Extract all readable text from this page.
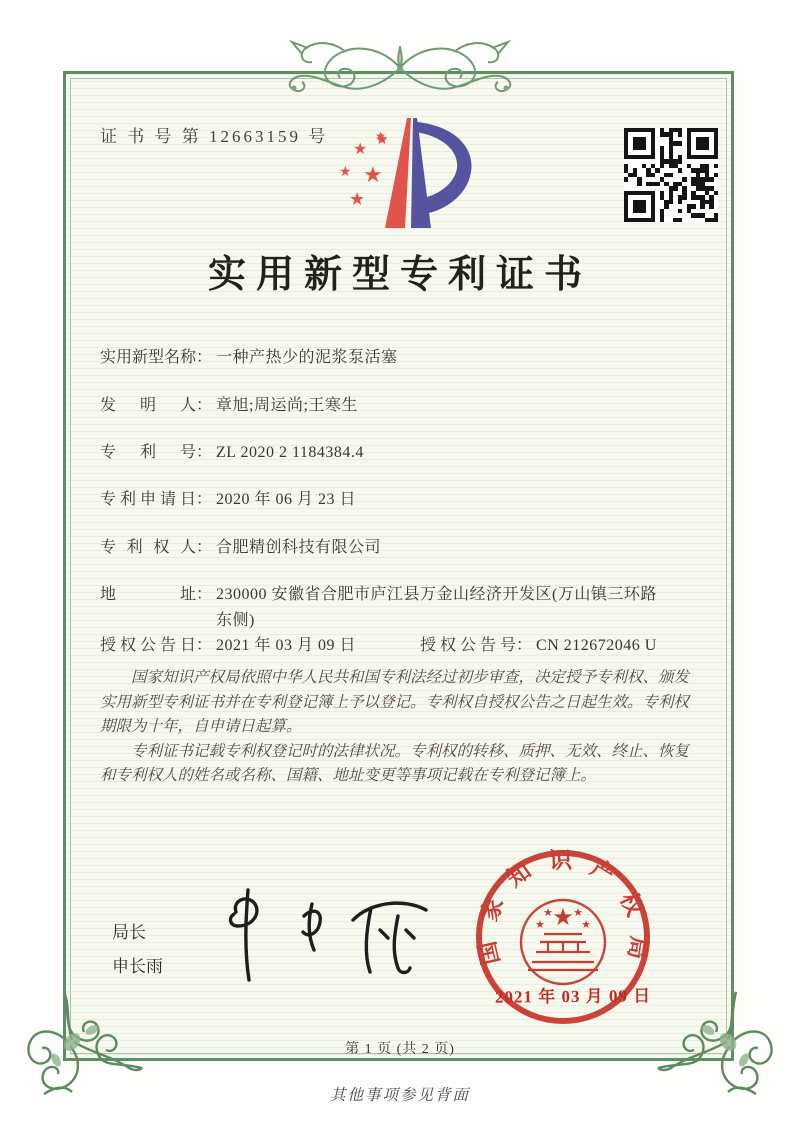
证 书 号 第 12663159 号
★
★ ★
★
★
实用新型专利证书
实用新型名称 ： 一种产热少的泥浆泵活塞
发明人 ： 章旭;周运尚;王寒生
专利号 ： ZL 2020 2 1184384.4
专利申请日 ： 2020 年 06 月 23 日
专利权人 ： 合肥精创科技有限公司
地址 ： 230000 安徽省合肥市庐江县万金山经济开发区(万山镇三环路东侧)
授权公告日 ： 2021 年 03 月 09 日	授权公告号 ： CN 212672046 U

国家知识产权局依照中华人民共和国专利法经过初步审查，决定授予专利权、颁发实用新型专利证书并在专利登记簿上予以登记。专利权自授权公告之日起生效。专利权期限为十年，自申请日起算。

专利证书记载专利权登记时的法律状况。专利权的转移、质押、无效、终止、恢复和专利权人的姓名或名称、国籍、地址变更等事项记载在专利登记簿上。

局长
申长雨	国家知识产权局
★
★
★ ★
★
2021 年 03 月 09 日
第 1 页 (共 2 页)
其他事项参见背面
